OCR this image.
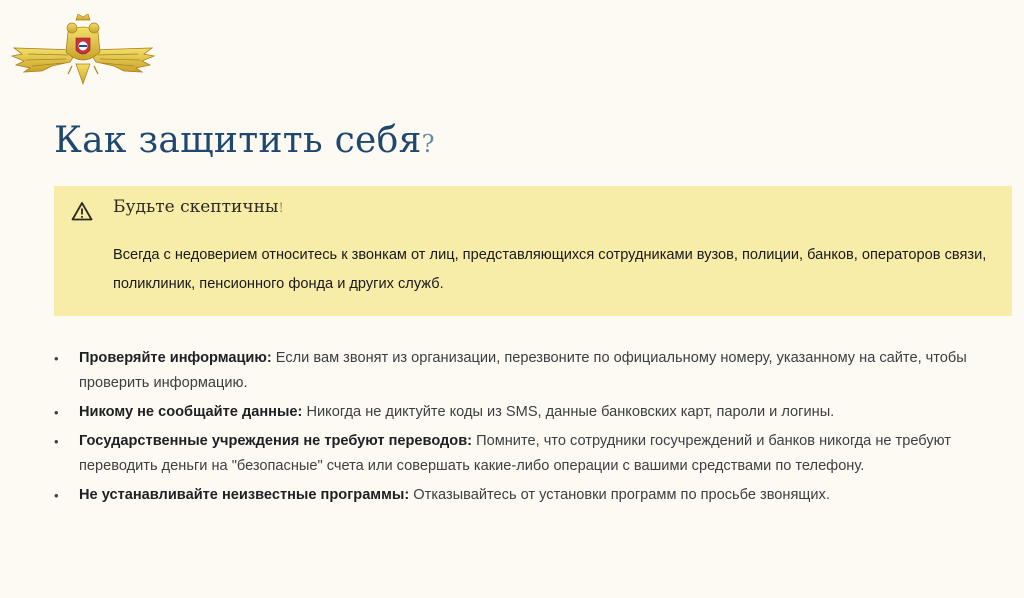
Как защитить себя?
Будьте скептичны!
Всегда с недоверием относитесь к звонкам от лиц, представляющихся сотрудниками вузов, полиции, банков, операторов связи, поликлиник, пенсионного фонда и других служб.
• Проверяйте информацию: Если вам звонят из организации, перезвоните по официальному номеру, указанному на сайте, чтобы проверить информацию.
• Никому не сообщайте данные: Никогда не диктуйте коды из SMS, данные банковских карт, пароли и логины.
• Государственные учреждения не требуют переводов: Помните, что сотрудники госучреждений и банков никогда не требуют переводить деньги на "безопасные" счета или совершать какие-либо операции с вашими средствами по телефону.
• Не устанавливайте неизвестные программы: Отказывайтесь от установки программ по просьбе звонящих.
